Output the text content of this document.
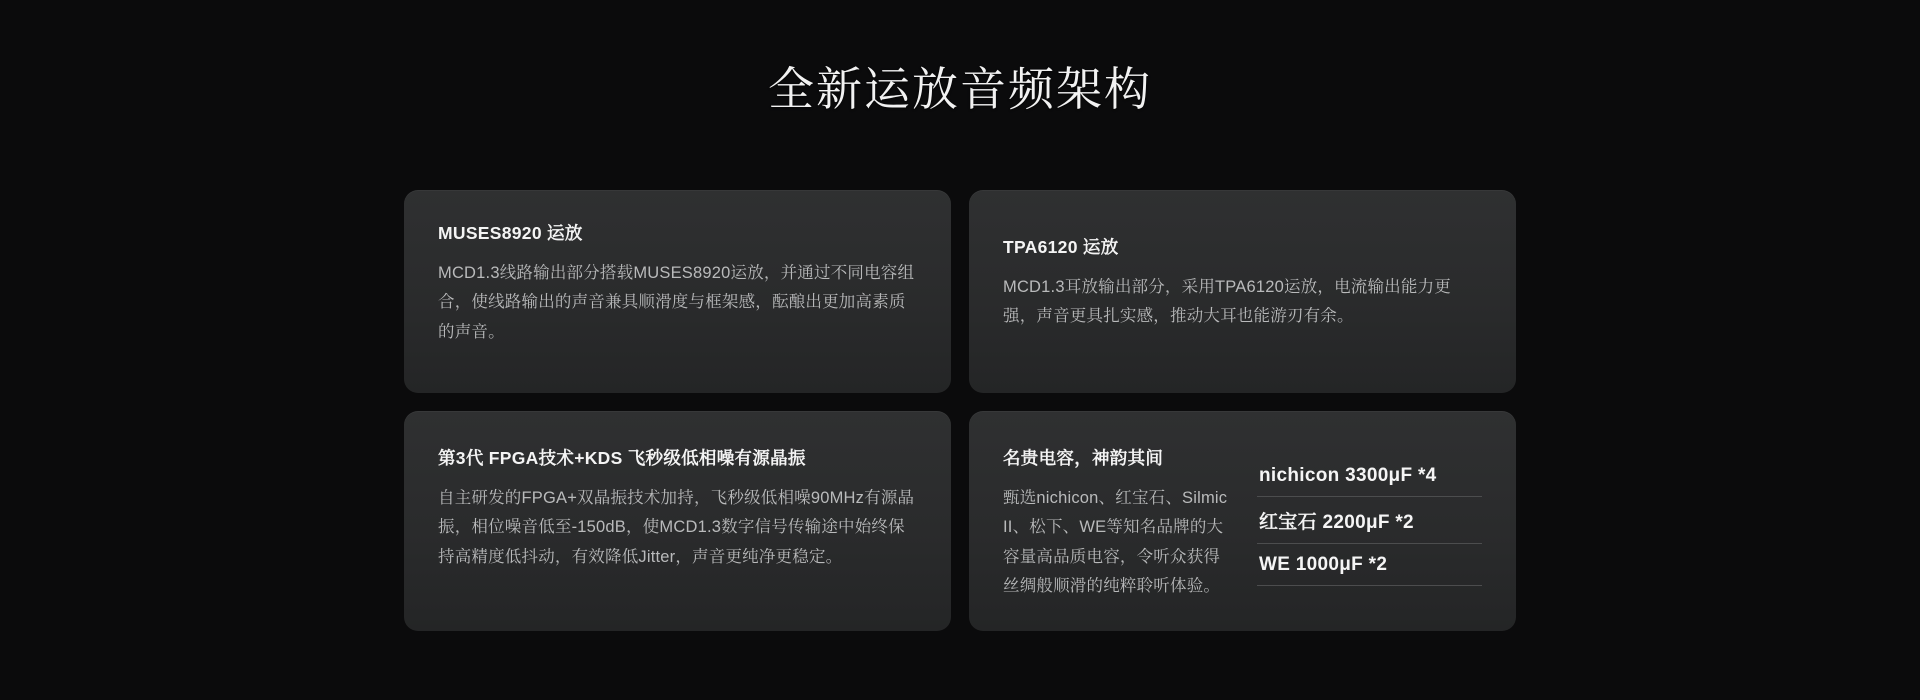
全新运放音频架构

MUSES8920 运放

MCD1.3线路输出部分搭载MUSES8920运放，并通过不同电容组合，使线路输出的声音兼具顺滑度与框架感，酝酿出更加高素质的声音。

TPA6120 运放

MCD1.3耳放输出部分，采用TPA6120运放，电流输出能力更强，声音更具扎实感，推动大耳也能游刃有余。

第3代 FPGA技术+KDS 飞秒级低相噪有源晶振

自主研发的FPGA+双晶振技术加持，飞秒级低相噪90MHz有源晶振，相位噪音低至-150dB，使MCD1.3数字信号传输途中始终保持高精度低抖动，有效降低Jitter，声音更纯净更稳定。

名贵电容，神韵其间

甄选nichicon、红宝石、Silmic II、松下、WE等知名品牌的大容量高品质电容，令听众获得丝绸般顺滑的纯粹聆听体验。

nichicon 3300μF *4
红宝石 2200μF *2
WE 1000μF *2
